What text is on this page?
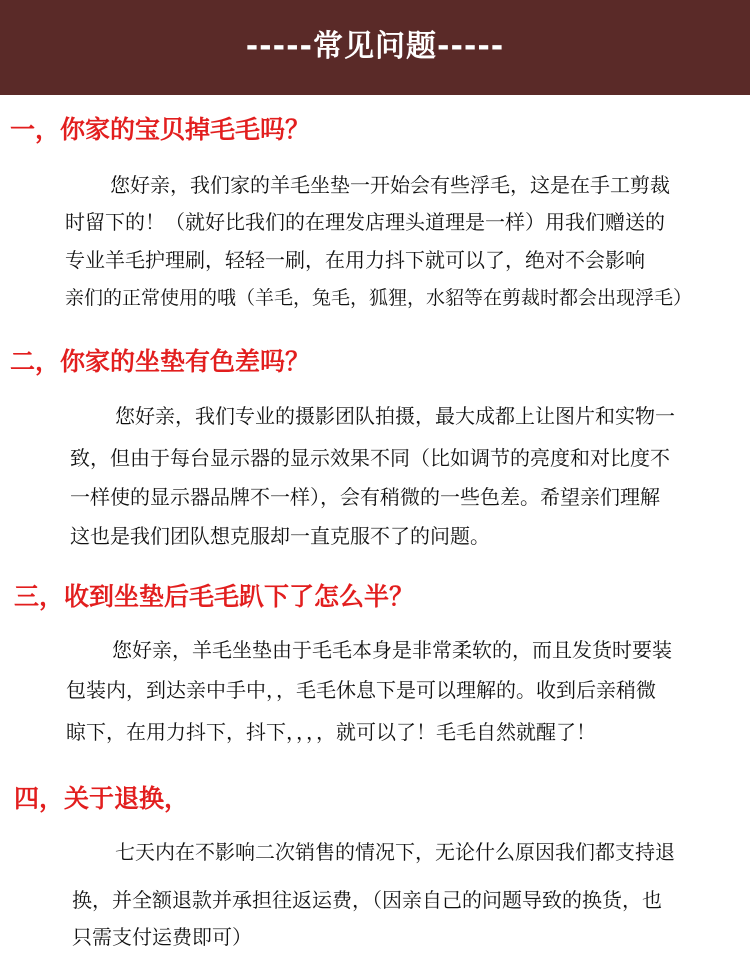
-----常见问题-----
一，你家的宝贝掉毛毛吗？
您好亲，我们家的羊毛坐垫一开始会有些浮毛，这是在手工剪裁
时留下的！（就好比我们的在理发店理头道理是一样）用我们赠送的
专业羊毛护理刷，轻轻一刷，在用力抖下就可以了，绝对不会影响
亲们的正常使用的哦（羊毛，兔毛，狐狸，水貂等在剪裁时都会出现浮毛）
二，你家的坐垫有色差吗？
您好亲，我们专业的摄影团队拍摄，最大成都上让图片和实物一
致，但由于每台显示器的显示效果不同（比如调节的亮度和对比度不
一样使的显示器品牌不一样），会有稍微的一些色差。希望亲们理解
这也是我们团队想克服却一直克服不了的问题。
三，收到坐垫后毛毛趴下了怎么半？
您好亲，羊毛坐垫由于毛毛本身是非常柔软的，而且发货时要装
包装内，到达亲中手中，，毛毛休息下是可以理解的。收到后亲稍微
晾下，在用力抖下，抖下，，，，就可以了！毛毛自然就醒了！
四，关于退换，
七天内在不影响二次销售的情况下，无论什么原因我们都支持退
换，并全额退款并承担往返运费，（因亲自己的问题导致的换货，也
只需支付运费即可）
